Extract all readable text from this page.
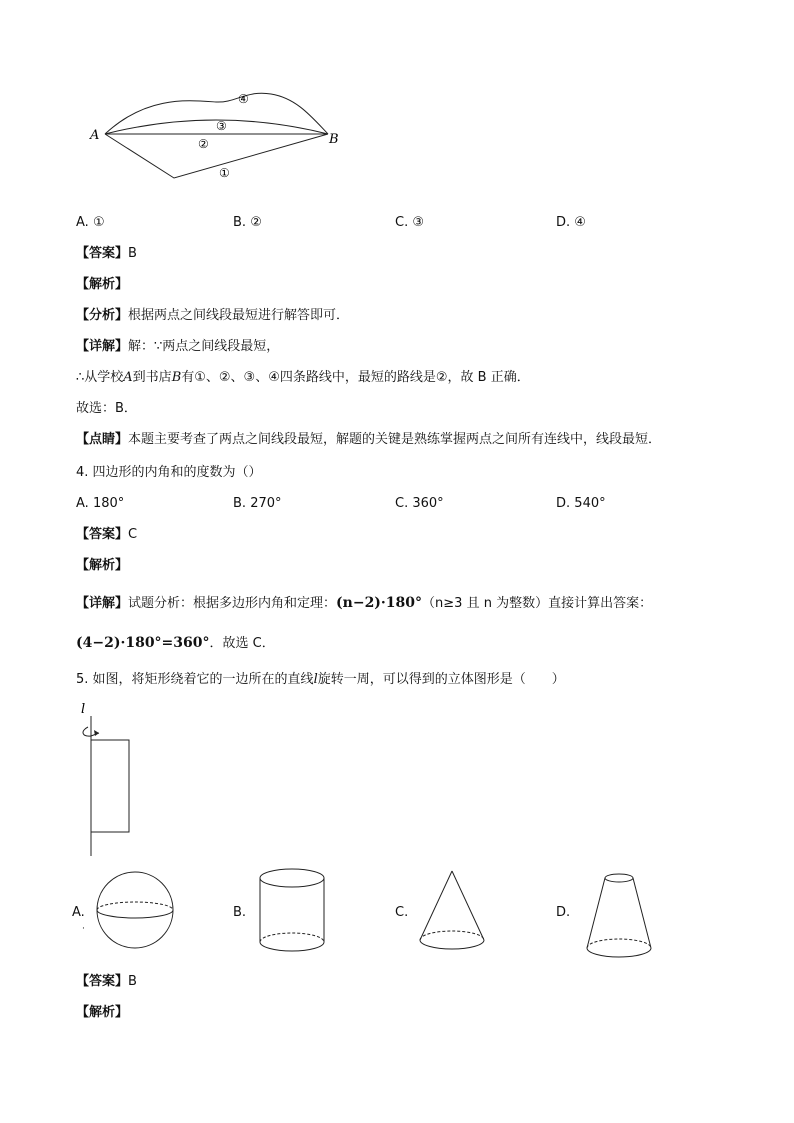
A	B
④
③
②
①
A. ①	B. ②	C. ③	D. ④
【答案】B
【解析】
【分析】根据两点之间线段最短进行解答即可．
【详解】解：∵两点之间线段最短，
∴从学校A到书店B有①、②、③、④四条路线中，最短的路线是②，故 B 正确．
故选：B．
【点睛】本题主要考查了两点之间线段最短，解题的关键是熟练掌握两点之间所有连线中，线段最短．
4. 四边形的内角和的度数为（）
A. 180°	B. 270°	C. 360°	D. 540°
【答案】C
【解析】
【详解】试题分析：根据多边形内角和定理：(n−2)·180°（n≥3 且 n 为整数）直接计算出答案：
(4−2)·180°=360°．故选 C．
5. 如图，将矩形绕着它的一边所在的直线l旋转一周，可以得到的立体图形是（　　）
l
A.
·
B.	C.	D.
【答案】B
【解析】
